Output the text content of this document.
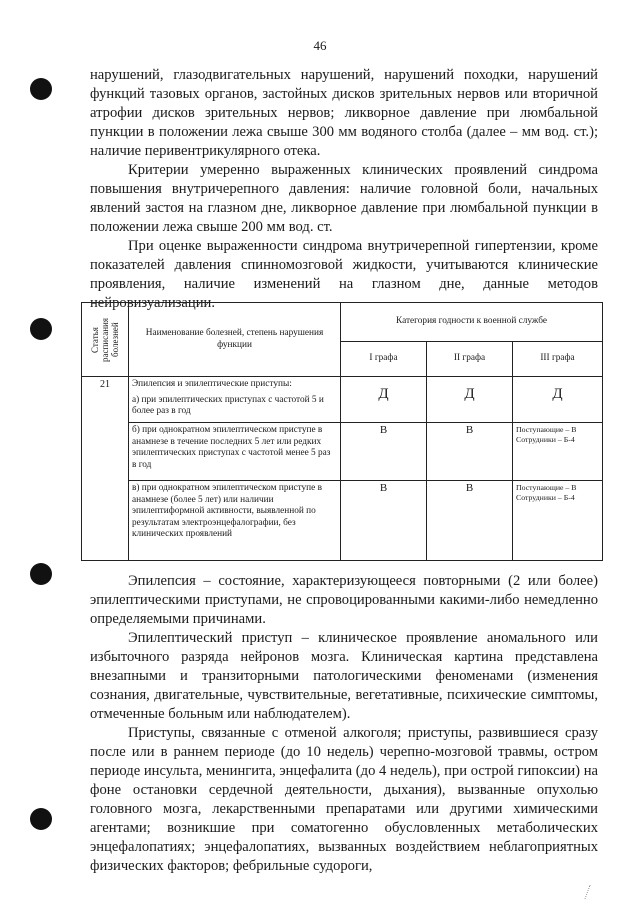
46

нарушений, глазодвигательных нарушений, нарушений походки, нарушений функций тазовых органов, застойных дисков зрительных нервов или вторичной атрофии дисков зрительных нервов; ликворное давление при люмбальной пункции в положении лежа свыше 300 мм водяного столба (далее – мм вод. ст.); наличие перивентрикулярного отека.

Критерии умеренно выраженных клинических проявлений синдрома повышения внутричерепного давления: наличие головной боли, начальных явлений застоя на глазном дне, ликворное давление при люмбальной пункции в положении лежа свыше 200 мм вод. ст.

При оценке выраженности синдрома внутричерепной гипертензии, кроме показателей давления спинномозговой жидкости, учитываются клинические проявления, наличие изменений на глазном дне, данные методов нейровизуализации.

Статья расписания болезней	Наименование болезней, степень нарушения функции	Категория годности к военной службе		
		I графа	II графа	III графа
21	Эпилепсия и эпилептические приступы:
а) при эпилептических приступах с частотой 5 и более раз в год	Д	Д	Д
	б) при однократном эпилептическом приступе в анамнезе в течение последних 5 лет или редких эпилептических приступах с частотой менее 5 раз в год	В	В	Поступающие – В
Сотрудники – Б-4

	в) при однократном эпилептическом приступе в анамнезе (более 5 лет) или наличии эпилептиформной активности, выявленной по результатам электроэнцефалографии, без клинических проявлений	В	В	Поступающие – В
Сотрудники – Б-4

Эпилепсия – состояние, характеризующееся повторными (2 или более) эпилептическими приступами, не спровоцированными какими-либо немедленно определяемыми причинами.

Эпилептический приступ – клиническое проявление аномального или избыточного разряда нейронов мозга. Клиническая картина представлена внезапными и транзиторными патологическими феноменами (изменения сознания, двигательные, чувствительные, вегетативные, психические симптомы, отмеченные больным или наблюдателем).

Приступы, связанные с отменой алкоголя; приступы, развившиеся сразу после или в раннем периоде (до 10 недель) черепно-мозговой травмы, остром периоде инсульта, менингита, энцефалита (до 4 недель), при острой гипоксии) на фоне остановки сердечной деятельности, дыхания), вызванные опухолью головного мозга, лекарственными препаратами или другими химическими агентами; возникшие при соматогенно обусловленных метаболических энцефалопатиях; энцефалопатиях, вызванных воздействием неблагоприятных физических факторов; фебрильные судороги,
